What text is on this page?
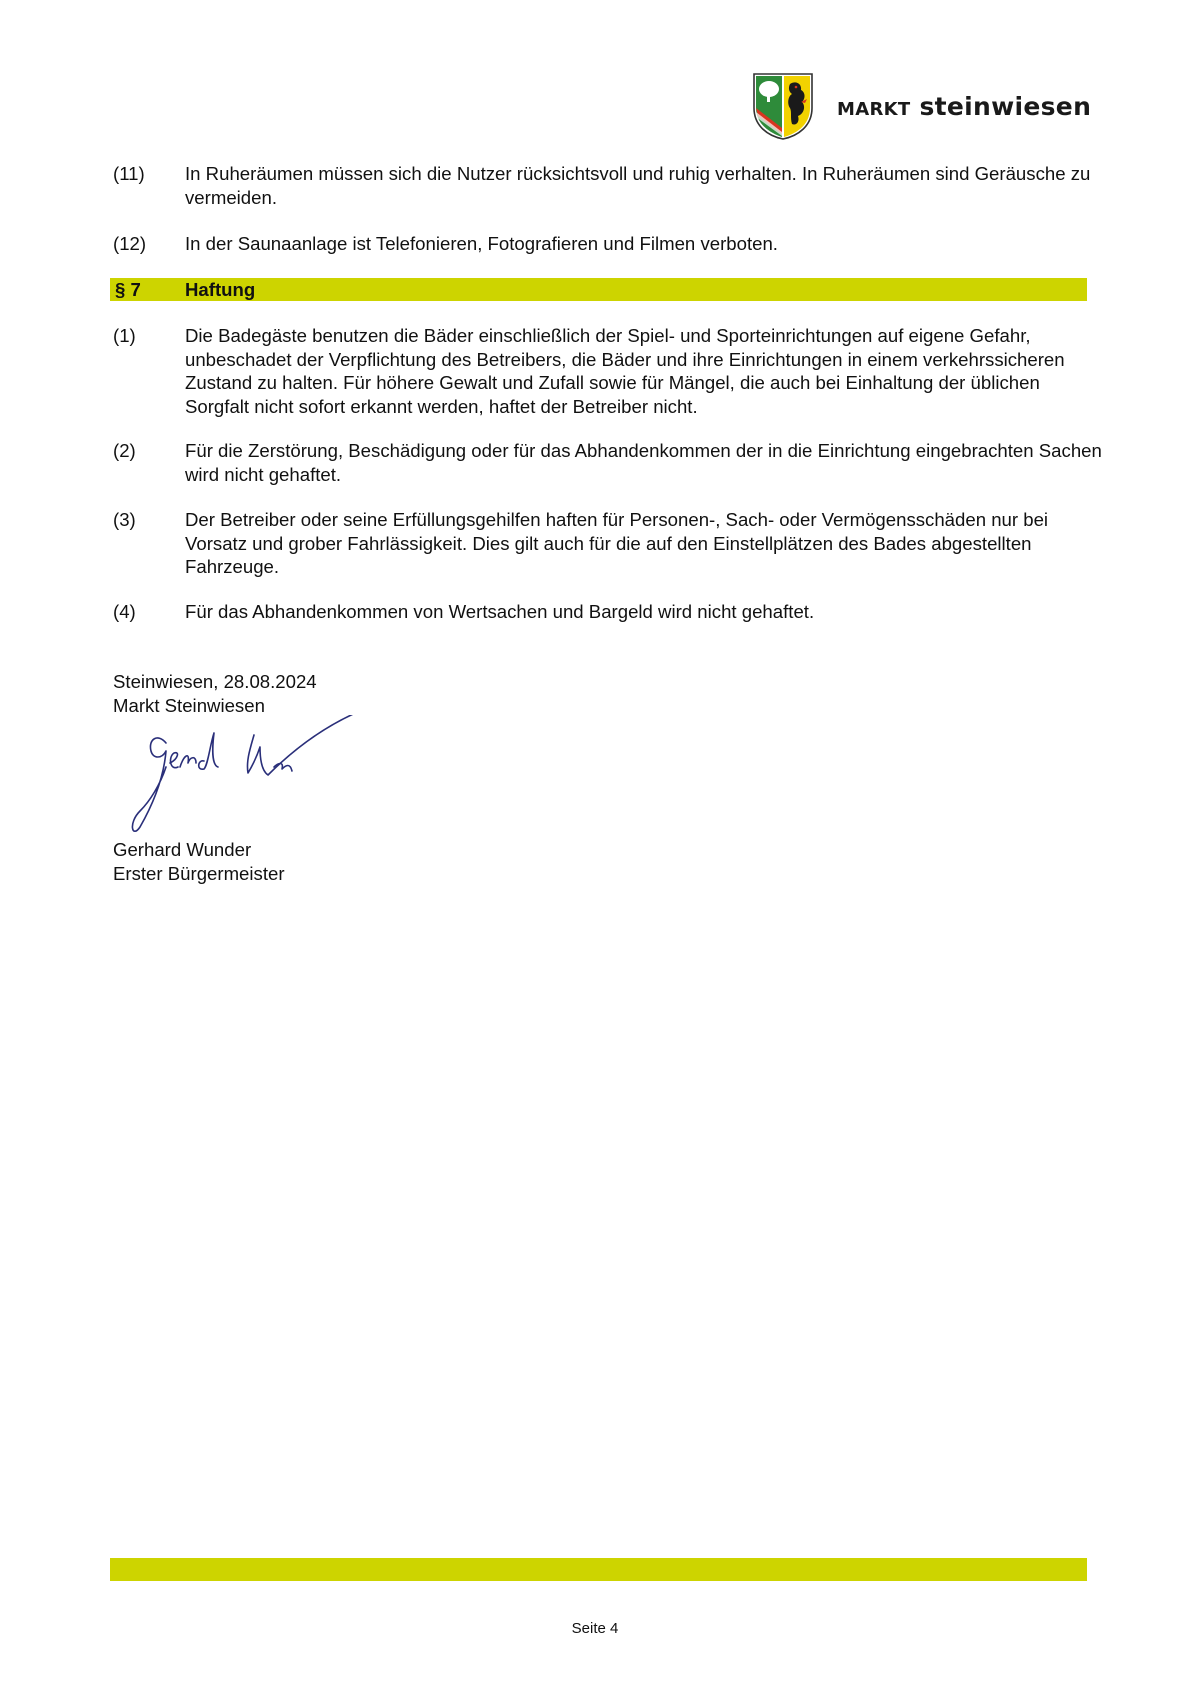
markt steinwiesen
(11) In Ruheräumen müssen sich die Nutzer rücksichtsvoll und ruhig verhalten. In Ruheräumen sind Geräusche zu vermeiden.
(12) In der Saunaanlage ist Telefonieren, Fotografieren und Filmen verboten.
§ 7 Haftung
(1)	Die Badegäste benutzen die Bäder einschließlich der Spiel- und Sporteinrichtungen auf eigene Gefahr, unbeschadet der Verpflichtung des Betreibers, die Bäder und ihre Einrichtungen in einem verkehrssicheren Zustand zu halten. Für höhere Gewalt und Zufall sowie für Mängel, die auch bei Einhaltung der üblichen Sorgfalt nicht sofort erkannt werden, haftet der Betreiber nicht.
(2)	Für die Zerstörung, Beschädigung oder für das Abhandenkommen der in die Einrichtung eingebrachten Sachen wird nicht gehaftet.
(3)	Der Betreiber oder seine Erfüllungsgehilfen haften für Personen-, Sach- oder Vermögensschäden nur bei Vorsatz und grober Fahrlässigkeit. Dies gilt auch für die auf den Einstellplätzen des Bades abgestellten Fahrzeuge.
(4)	Für das Abhandenkommen von Wertsachen und Bargeld wird nicht gehaftet.
Steinwiesen, 28.08.2024
Markt Steinwiesen
Gerhard Wunder
Erster Bürgermeister
Seite 4
